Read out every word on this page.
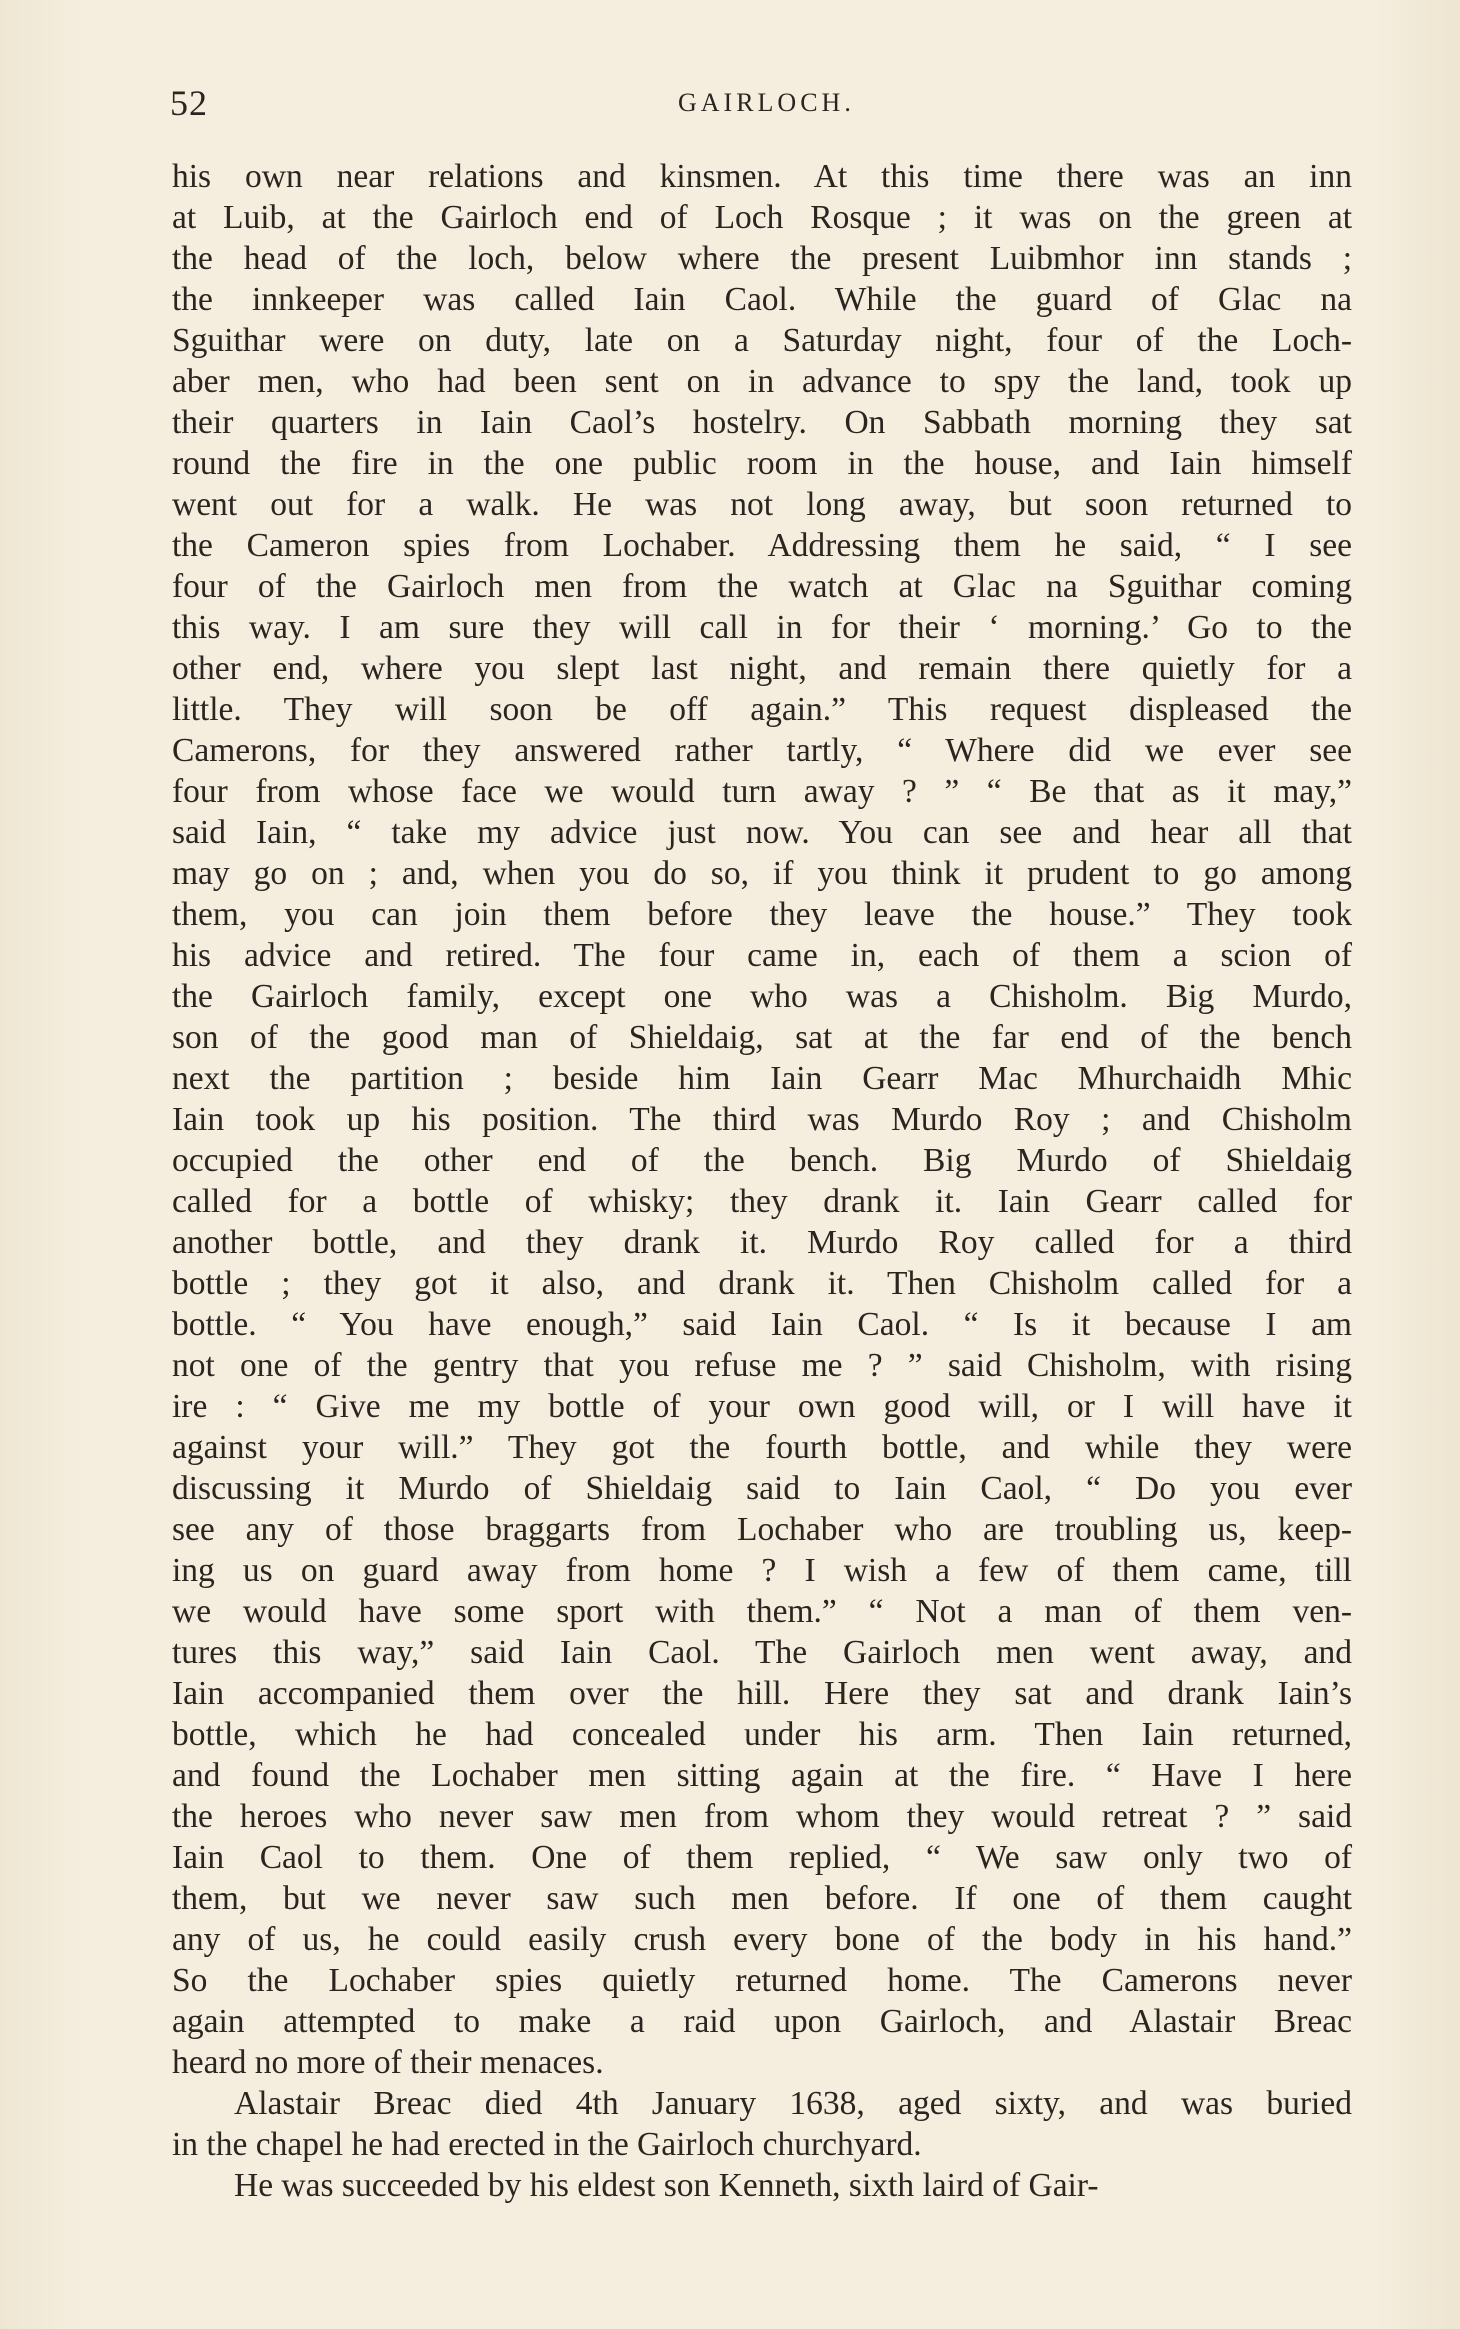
52	GAIRLOCH.
his own near relations and kinsmen. At this time there was an inn
at Luib, at the Gairloch end of Loch Rosque ; it was on the green at
the head of the loch, below where the present Luibmhor inn stands ;
the innkeeper was called Iain Caol. While the guard of Glac na
Sguithar were on duty, late on a Saturday night, four of the Loch-
aber men, who had been sent on in advance to spy the land, took up
their quarters in Iain Caol’s hostelry. On Sabbath morning they sat
round the fire in the one public room in the house, and Iain himself
went out for a walk. He was not long away, but soon returned to
the Cameron spies from Lochaber. Addressing them he said, “ I see
four of the Gairloch men from the watch at Glac na Sguithar coming
this way. I am sure they will call in for their ‘ morning.’ Go to the
other end, where you slept last night, and remain there quietly for a
little. They will soon be off again.” This request displeased the
Camerons, for they answered rather tartly, “ Where did we ever see
four from whose face we would turn away ? ” “ Be that as it may,”
said Iain, “ take my advice just now. You can see and hear all that
may go on ; and, when you do so, if you think it prudent to go among
them, you can join them before they leave the house.” They took
his advice and retired. The four came in, each of them a scion of
the Gairloch family, except one who was a Chisholm. Big Murdo,
son of the good man of Shieldaig, sat at the far end of the bench
next the partition ; beside him Iain Gearr Mac Mhurchaidh Mhic
Iain took up his position. The third was Murdo Roy ; and Chisholm
occupied the other end of the bench. Big Murdo of Shieldaig
called for a bottle of whisky; they drank it. Iain Gearr called for
another bottle, and they drank it. Murdo Roy called for a third
bottle ; they got it also, and drank it. Then Chisholm called for a
bottle. “ You have enough,” said Iain Caol. “ Is it because I am
not one of the gentry that you refuse me ? ” said Chisholm, with rising
ire : “ Give me my bottle of your own good will, or I will have it
against your will.” They got the fourth bottle, and while they were
discussing it Murdo of Shieldaig said to Iain Caol, “ Do you ever
see any of those braggarts from Lochaber who are troubling us, keep-
ing us on guard away from home ? I wish a few of them came, till
we would have some sport with them.” “ Not a man of them ven-
tures this way,” said Iain Caol. The Gairloch men went away, and
Iain accompanied them over the hill. Here they sat and drank Iain’s
bottle, which he had concealed under his arm. Then Iain returned,
and found the Lochaber men sitting again at the fire. “ Have I here
the heroes who never saw men from whom they would retreat ? ” said
Iain Caol to them. One of them replied, “ We saw only two of
them, but we never saw such men before. If one of them caught
any of us, he could easily crush every bone of the body in his hand.”
So the Lochaber spies quietly returned home. The Camerons never
again attempted to make a raid upon Gairloch, and Alastair Breac
heard no more of their menaces.
Alastair Breac died 4th January 1638, aged sixty, and was buried
in the chapel he had erected in the Gairloch churchyard.
He was succeeded by his eldest son Kenneth, sixth laird of Gair-
